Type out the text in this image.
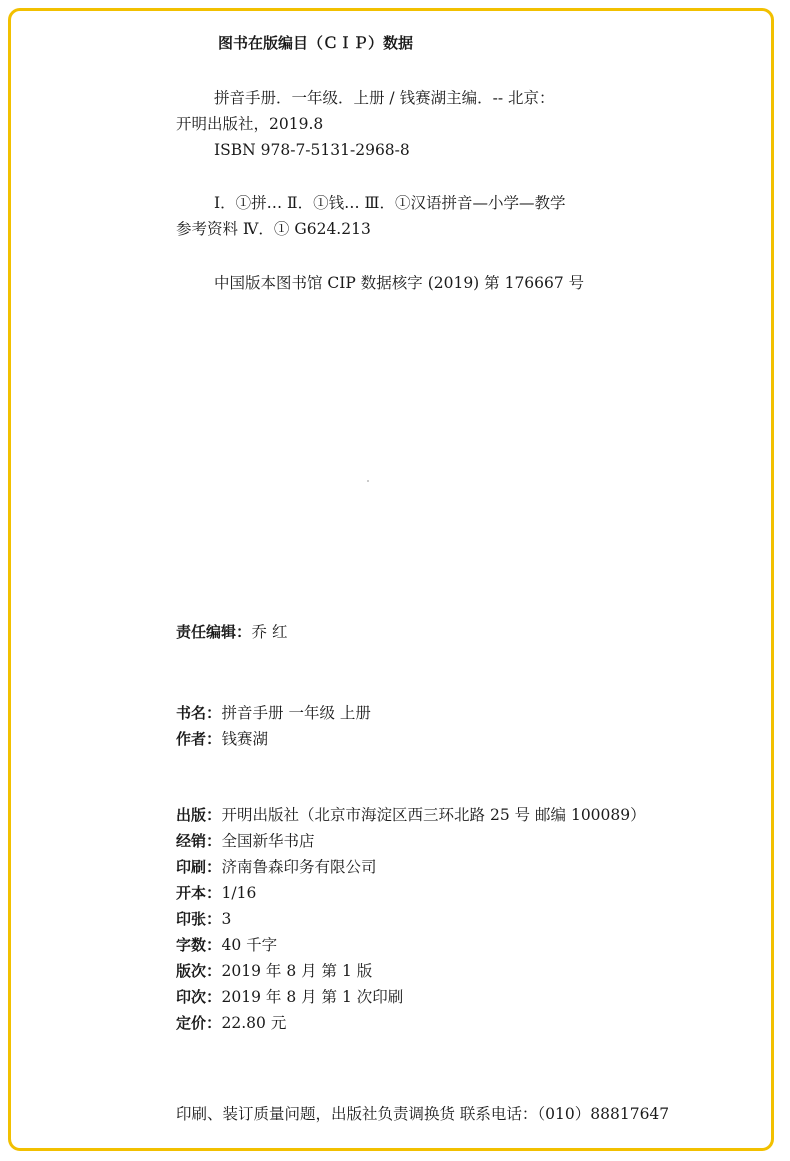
图书在版编目（ＣＩＰ）数据
拼音手册．一年级．上册 / 钱赛湖主编．-- 北京：
开明出版社，2019.8
ISBN 978-7-5131-2968-8
Ⅰ．①拼… Ⅱ．①钱… Ⅲ．①汉语拼音—小学—教学
参考资料 Ⅳ．① G624.213
中国版本图书馆 CIP 数据核字 (2019) 第 176667 号
责任编辑：乔 红
书名：拼音手册 一年级 上册
作者：钱赛湖
出版：开明出版社（北京市海淀区西三环北路 25 号 邮编 100089）
经销：全国新华书店
印刷：济南鲁森印务有限公司
开本：1/16
印张：3
字数：40 千字
版次：2019 年 8 月 第 1 版
印次：2019 年 8 月 第 1 次印刷
定价：22.80 元
印刷、装订质量问题，出版社负责调换货 联系电话：（010）88817647
